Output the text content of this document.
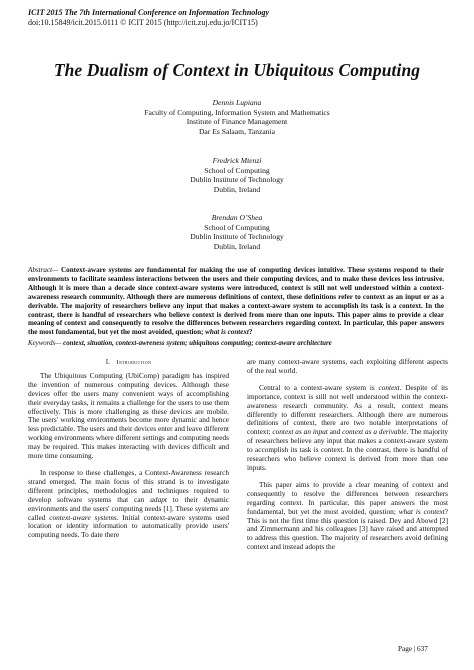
ICIT 2015 The 7th International Conference on Information Technology
doi:10.15849/icit.2015.0111 © ICIT 2015 (http://icit.zuj.edu.jo/ICIT15)
The Dualism of Context in Ubiquitous Computing
Dennis Lupiana
Faculty of Computing, Information System and Mathematics
Institute of Finance Management
Dar Es Salaam, Tanzania
Fredrick Mtenzi
School of Computing
Dublin Institute of Technology
Dublin, Ireland
Brendan O’Shea
School of Computing
Dublin Institute of Technology
Dublin, Ireland
Abstract— Context-aware systems are fundamental for making the use of computing devices intuitive. These systems respond to their environments to facilitate seamless interactions between the users and their computing devices, and to make these devices less intrusive. Although it is more than a decade since context-aware systems were introduced, context is still not well understood within a context-awareness research community. Although there are numerous definitions of context, these definitions refer to context as an input or as a derivable. The majority of researchers believe any input that makes a context-aware system to accomplish its task is a context. In the contrast, there is handful of researchers who believe context is derived from more than one inputs. This paper aims to provide a clear meaning of context and consequently to resolve the differences between researchers regarding context. In particular, this paper answers the most fundamental, but yet the most avoided, question; what is context?
Keywords— context, situation, context-awreness system; ubiquitous computing; context-aware architecture
I. Introduction

The Ubiquitous Computing (UbiComp) paradigm has inspired the invention of numerous computing devices. Although these devices offer the users many convenient ways of accomplishing their everyday tasks, it remains a challenge for the users to use them effectively. This is more challenging as these devices are mobile. The users' working environments become more dynamic and hence less predictable. The users and their devices enter and leave different working environments where different settings and computing needs may be required. This makes interacting with devices difficult and more time consuming.

In response to these challenges, a Context-Awareness research strand emerged. The main focus of this strand is to investigate different principles, methodologies and techniques required to develop software systems that can adapt to their dynamic environments and the users' computing needs [1]. These systems are called context-aware systems. Initial context-aware systems used location or identity information to automatically provide users' computing needs. To date there

are many context-aware systems, each exploiting different aspects of the real world.

Central to a context-aware system is context. Despite of its importance, context is still not well understood within the context-awareness research community. As a result, context means differently to different researchers. Although there are numerous definitions of context, there are two notable interpretations of context; context as an input and context as a derivable. The majority of researchers believe any input that makes a context-aware system to accomplish its task is context. In the contrast, there is handful of researchers who believe context is derived from more than one inputs.

This paper aims to provide a clear meaning of context and consequently to resolve the differences between researchers regarding context. In particular, this paper answers the most fundamental, but yet the most avoided, question; what is context? This is not the first time this question is raised. Dey and Abowd [2] and Zimmermann and his colleagues [3] have raised and attempted to address this question. The majority of researchers avoid defining context and instead adopts the

Page | 637
